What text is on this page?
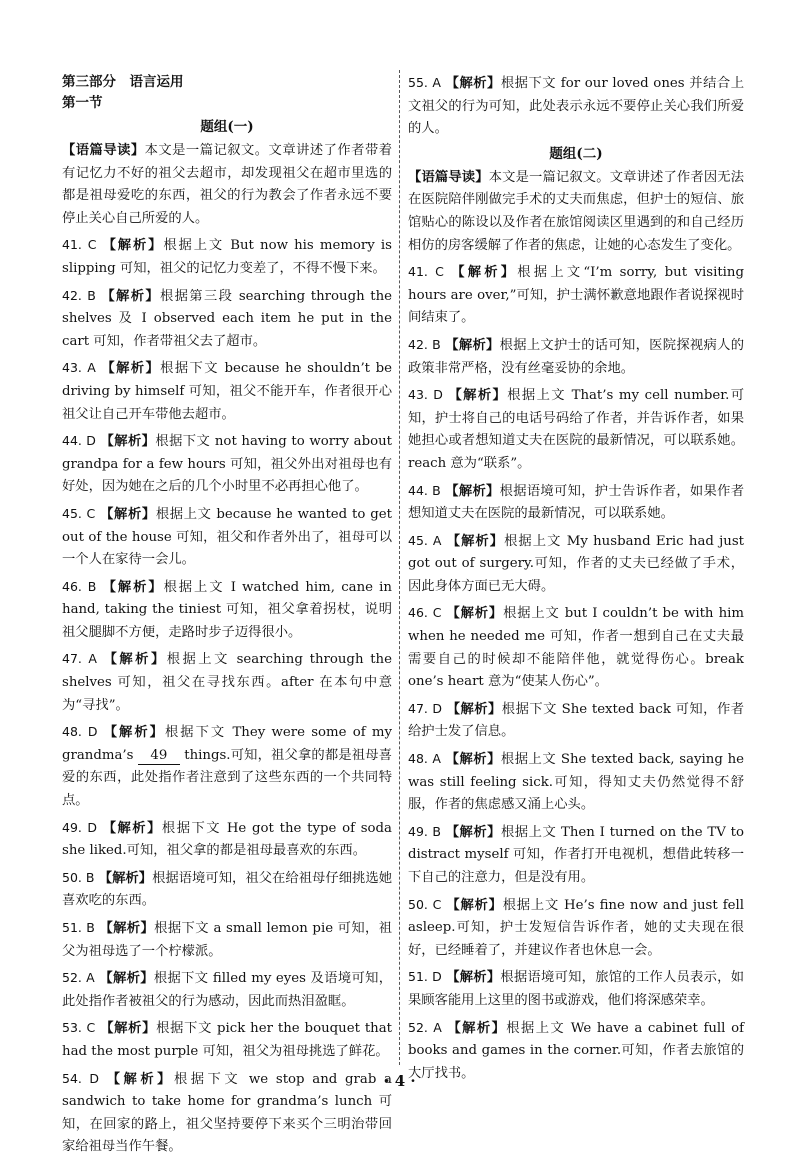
第三部分　语言运用
第一节
题组(一)

【语篇导读】本文是一篇记叙文。文章讲述了作者带着有记忆力不好的祖父去超市，却发现祖父在超市里选的都是祖母爱吃的东西，祖父的行为教会了作者永远不要停止关心自己所爱的人。

41. C 【解析】根据上文 But now his memory is slipping 可知，祖父的记忆力变差了，不得不慢下来。

42. B 【解析】根据第三段 searching through the shelves 及 I observed each item he put in the cart 可知，作者带祖父去了超市。

43. A 【解析】根据下文 because he shouldn’t be driving by himself 可知，祖父不能开车，作者很开心祖父让自己开车带他去超市。

44. D 【解析】根据下文 not having to worry about grandpa for a few hours 可知，祖父外出对祖母也有好处，因为她在之后的几个小时里不必再担心他了。

45. C 【解析】根据上文 because he wanted to get out of the house 可知，祖父和作者外出了，祖母可以一个人在家待一会儿。

46. B 【解析】根据上文 I watched him, cane in hand, taking the tiniest 可知，祖父拿着拐杖，说明祖父腿脚不方便，走路时步子迈得很小。

47. A 【解析】根据上文 searching through the shelves 可知，祖父在寻找东西。after 在本句中意为“寻找”。

48. D 【解析】根据下文 They were some of my grandma’s 49 things.可知，祖父拿的都是祖母喜爱的东西，此处指作者注意到了这些东西的一个共同特点。

49. D 【解析】根据下文 He got the type of soda she liked.可知，祖父拿的都是祖母最喜欢的东西。

50. B 【解析】根据语境可知，祖父在给祖母仔细挑选她喜欢吃的东西。

51. B 【解析】根据下文 a small lemon pie 可知，祖父为祖母选了一个柠檬派。

52. A 【解析】根据下文 filled my eyes 及语境可知，此处指作者被祖父的行为感动，因此而热泪盈眶。

53. C 【解析】根据下文 pick her the bouquet that had the most purple 可知，祖父为祖母挑选了鲜花。

54. D 【解析】根据下文 we stop and grab a sandwich to take home for grandma’s lunch 可知，在回家的路上，祖父坚持要停下来买个三明治带回家给祖母当作午餐。

55. A 【解析】根据下文 for our loved ones 并结合上文祖父的行为可知，此处表示永远不要停止关心我们所爱的人。

题组(二)

【语篇导读】本文是一篇记叙文。文章讲述了作者因无法在医院陪伴刚做完手术的丈夫而焦虑，但护士的短信、旅馆贴心的陈设以及作者在旅馆阅读区里遇到的和自己经历相仿的房客缓解了作者的焦虑，让她的心态发生了变化。

41. C 【解析】根据上文“I’m sorry, but visiting hours are over,”可知，护士满怀歉意地跟作者说探视时间结束了。

42. B 【解析】根据上文护士的话可知，医院探视病人的政策非常严格，没有丝毫妥协的余地。

43. D 【解析】根据上文 That’s my cell number.可知，护士将自己的电话号码给了作者，并告诉作者，如果她担心或者想知道丈夫在医院的最新情况，可以联系她。reach 意为“联系”。

44. B 【解析】根据语境可知，护士告诉作者，如果作者想知道丈夫在医院的最新情况，可以联系她。

45. A 【解析】根据上文 My husband Eric had just got out of surgery.可知，作者的丈夫已经做了手术，因此身体方面已无大碍。

46. C 【解析】根据上文 but I couldn’t be with him when he needed me 可知，作者一想到自己在丈夫最需要自己的时候却不能陪伴他，就觉得伤心。break one’s heart 意为“使某人伤心”。

47. D 【解析】根据下文 She texted back 可知，作者给护士发了信息。

48. A 【解析】根据上文 She texted back, saying he was still feeling sick.可知，得知丈夫仍然觉得不舒服，作者的焦虑感又涌上心头。

49. B 【解析】根据上文 Then I turned on the TV to distract myself 可知，作者打开电视机，想借此转移一下自己的注意力，但是没有用。

50. C 【解析】根据上文 He’s fine now and just fell asleep.可知，护士发短信告诉作者，她的丈夫现在很好，已经睡着了，并建议作者也休息一会。

51. D 【解析】根据语境可知，旅馆的工作人员表示，如果顾客能用上这里的图书或游戏，他们将深感荣幸。

52. A 【解析】根据上文 We have a cabinet full of books and games in the corner.可知，作者去旅馆的大厅找书。

· 4 ·
